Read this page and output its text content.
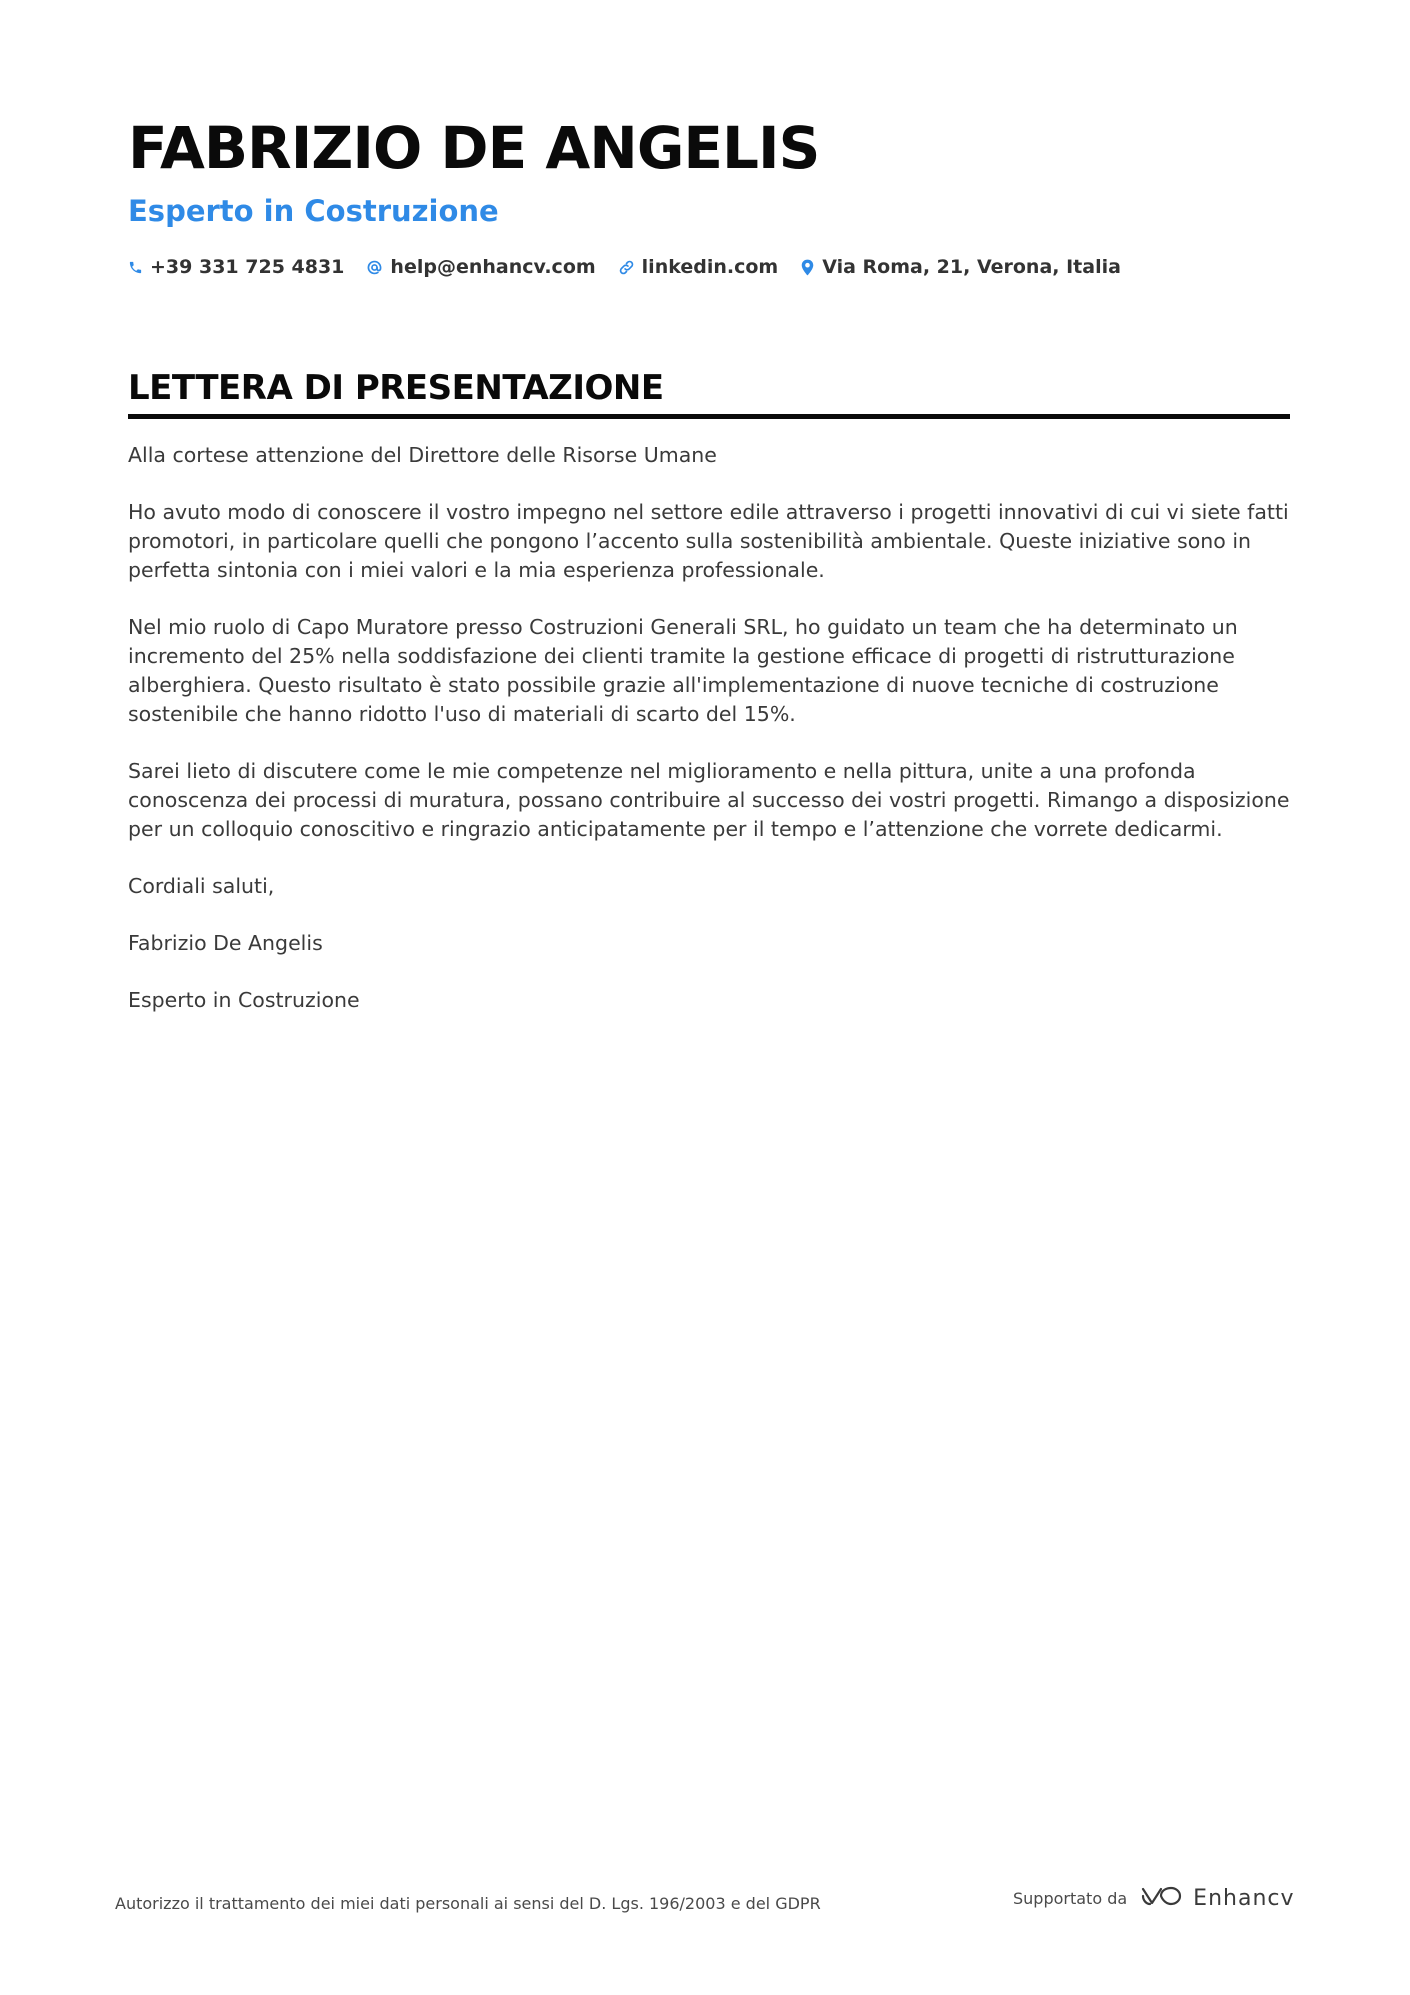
FABRIZIO DE ANGELIS
Esperto in Costruzione
+39 331 725 4831 help@enhancv.com linkedin.com Via Roma, 21, Verona, Italia
LETTERA DI PRESENTAZIONE

Alla cortese attenzione del Direttore delle Risorse Umane

Ho avuto modo di conoscere il vostro impegno nel settore edile attraverso i progetti innovativi di cui vi siete fatti promotori, in particolare quelli che pongono l’accento sulla sostenibilità ambientale. Queste iniziative sono in perfetta sintonia con i miei valori e la mia esperienza professionale.

Nel mio ruolo di Capo Muratore presso Costruzioni Generali SRL, ho guidato un team che ha determinato un incremento del 25% nella soddisfazione dei clienti tramite la gestione efficace di progetti di ristrutturazione alberghiera. Questo risultato è stato possibile grazie all'implementazione di nuove tecniche di costruzione sostenibile che hanno ridotto l'uso di materiali di scarto del 15%.

Sarei lieto di discutere come le mie competenze nel miglioramento e nella pittura, unite a una profonda conoscenza dei processi di muratura, possano contribuire al successo dei vostri progetti. Rimango a disposizione per un colloquio conoscitivo e ringrazio anticipatamente per il tempo e l’attenzione che vorrete dedicarmi.

Cordiali saluti,

Fabrizio De Angelis

Esperto in Costruzione

Autorizzo il trattamento dei miei dati personali ai sensi del D. Lgs. 196/2003 e del GDPR	Supportato da	Enhancv
